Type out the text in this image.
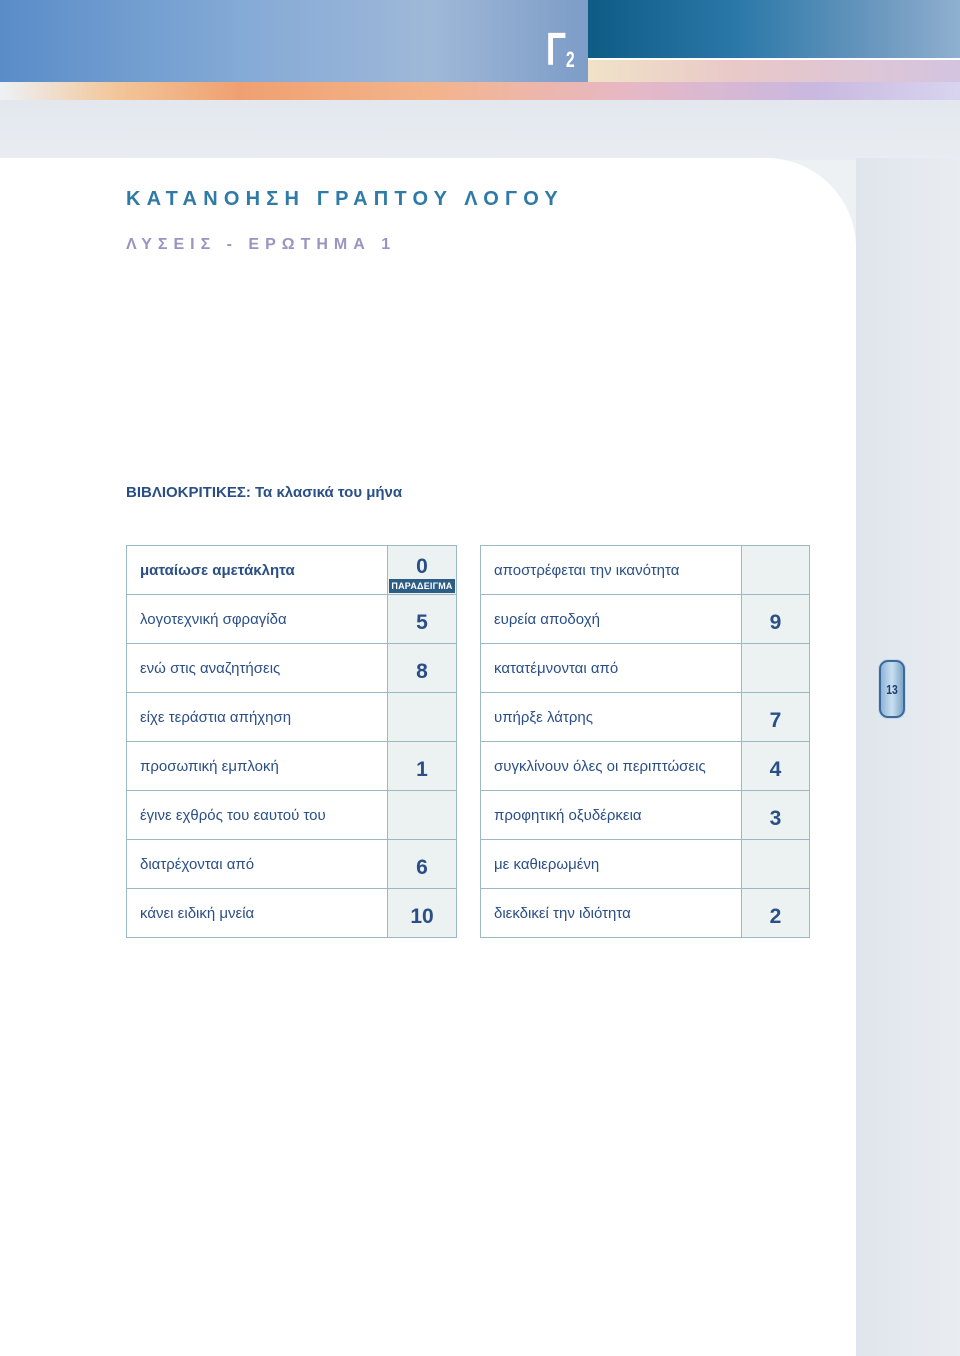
$\Gamma_2$
ΚΑΤΑΝΟΗΣΗ ΓΡΑΠΤΟΥ ΛΟΓΟΥ
ΛΥΣΕΙΣ - ΕΡΩΤΗΜΑ 1
ΒΙΒΛΙΟΚΡΙΤΙΚΕΣ: Τα κλασικά του μήνα
ματαίωσε αμετάκλητα	0
ΠΑΡΑΔΕΙΓΜΑ

λογοτεχνική σφραγίδα	5

ενώ στις αναζητήσεις	8

είχε τεράστια απήχηση	

προσωπική εμπλοκή	1

έγινε εχθρός του εαυτού του	

διατρέχονται από	6

κάνει ειδική μνεία	10
αποστρέφεται την ικανότητα	

ευρεία αποδοχή	9

κατατέμνονται από	

υπήρξε λάτρης	7

συγκλίνουν όλες οι περιπτώσεις	4

προφητική οξυδέρκεια	3

με καθιερωμένη	

διεκδικεί την ιδιότητα	2
13
